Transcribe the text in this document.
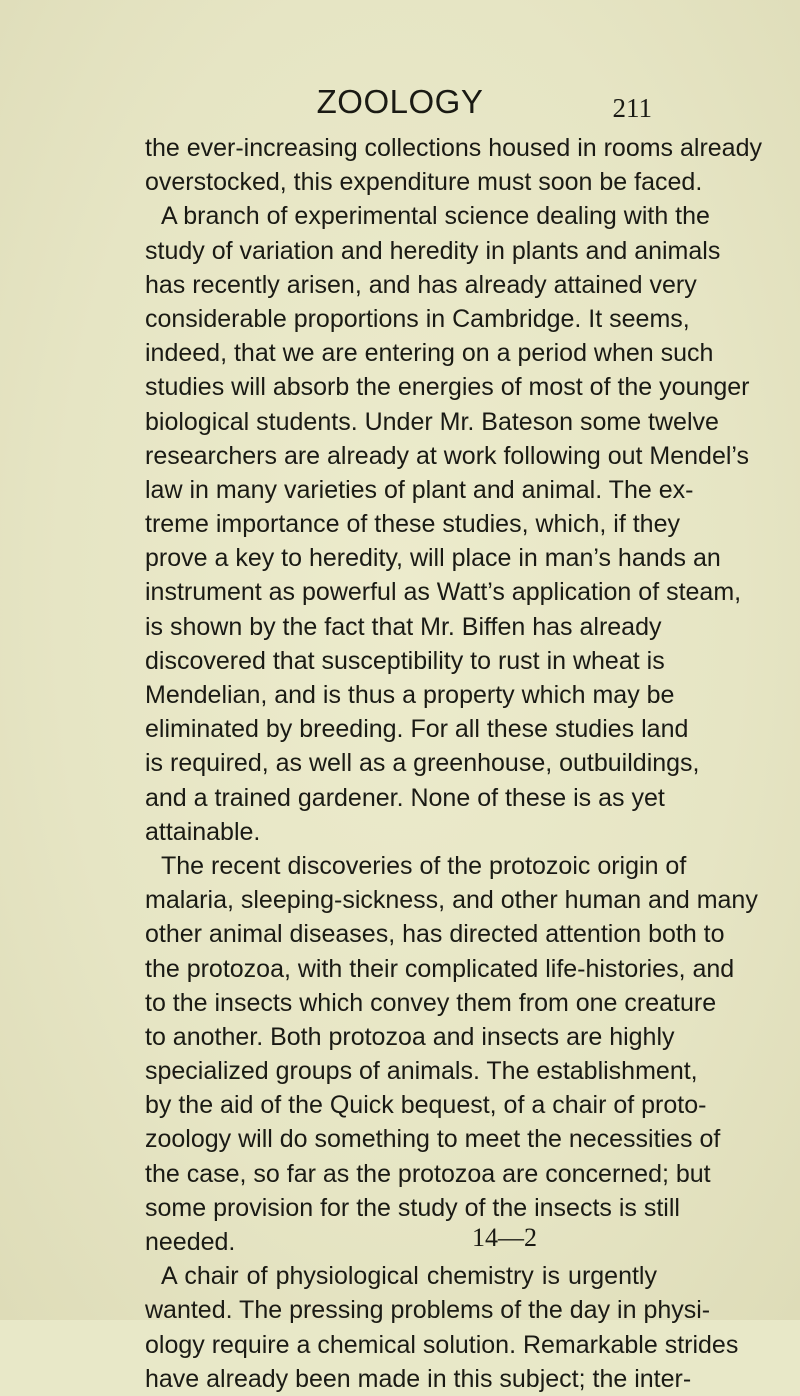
ZOOLOGY	211
the ever-increasing collections housed in rooms already
overstocked, this expenditure must soon be faced.
A branch of experimental science dealing with the
study of variation and heredity in plants and animals
has recently arisen, and has already attained very
considerable proportions in Cambridge. It seems,
indeed, that we are entering on a period when such
studies will absorb the energies of most of the younger
biological students. Under Mr. Bateson some twelve
researchers are already at work following out Mendel’s
law in many varieties of plant and animal. The ex-
treme importance of these studies, which, if they
prove a key to heredity, will place in man’s hands an
instrument as powerful as Watt’s application of steam,
is shown by the fact that Mr. Biffen has already
discovered that susceptibility to rust in wheat is
Mendelian, and is thus a property which may be
eliminated by breeding. For all these studies land
is required, as well as a greenhouse, outbuildings,
and a trained gardener. None of these is as yet
attainable.
The recent discoveries of the protozoic origin of
malaria, sleeping-sickness, and other human and many
other animal diseases, has directed attention both to
the protozoa, with their complicated life-histories, and
to the insects which convey them from one creature
to another. Both protozoa and insects are highly
specialized groups of animals. The establishment,
by the aid of the Quick bequest, of a chair of proto-
zoology will do something to meet the necessities of
the case, so far as the protozoa are concerned; but
some provision for the study of the insects is still
needed.
A chair of physiological chemistry is urgently
wanted. The pressing problems of the day in physi-
ology require a chemical solution. Remarkable strides
have already been made in this subject; the inter-
14—2
